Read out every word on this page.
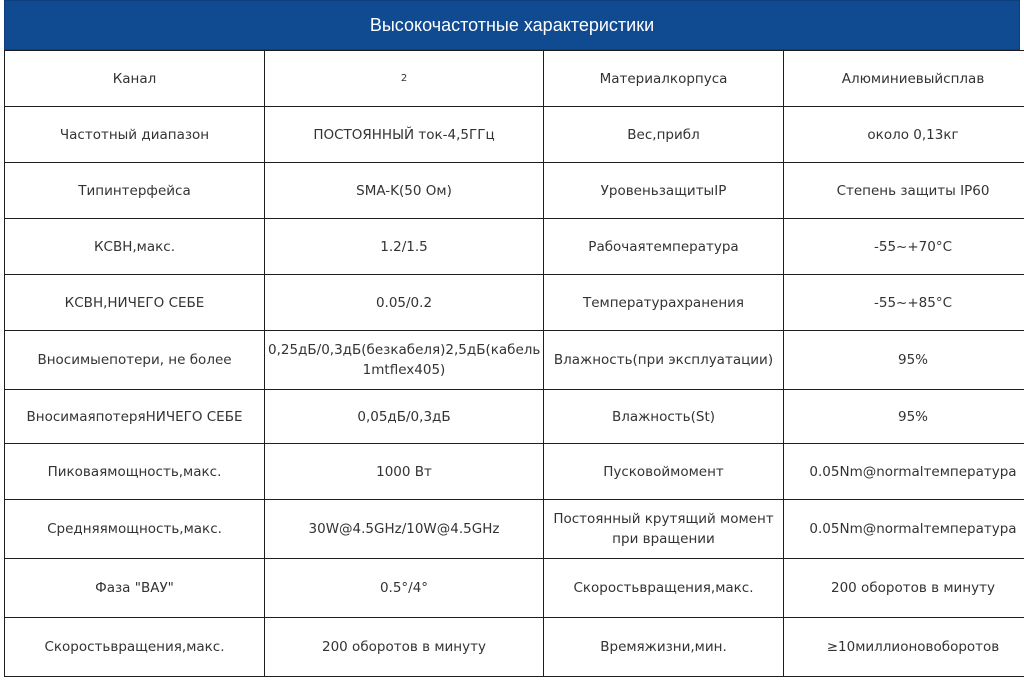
Высокочастотные характеристики
Канал	2	Материалкорпуса	Алюминиевыйсплав
Частотный диапазон	ПОСТОЯННЫЙ ток-4,5ГГц	Вес,прибл	около 0,13кг
Типинтерфейса	SMA-K(50 Ом)	УровеньзащитыIP	Степень защиты IP60
КСВН,макс.	1.2/1.5	Рабочаятемпература	-55~+70°C
КСВН,НИЧЕГО СЕБЕ	0.05/0.2	Температурахранения	-55~+85°C
Вносимыепотери, не более	0,25дБ/0,3дБ(безкабеля)2,5дБ(кабель 1mtflex405)	Влажность(при эксплуатации)	95%
ВносимаяпотеряНИЧЕГО СЕБЕ	0,05дБ/0,3дБ	Влажность(St)	95%
Пиковаямощность,макс.	1000 Вт	Пусковоймомент	0.05Nm@normalтемпература
Средняямощность,макс.	30W@4.5GHz/10W@4.5GHz	Постоянный крутящий момент при вращении	0.05Nm@normalтемпература
Фаза "ВАУ"	0.5°/4°	Скоростьвращения,макс.	200 оборотов в минуту
Скоростьвращения,макс.	200 оборотов в минуту	Времяжизни,мин.	≥10миллионовоборотов
